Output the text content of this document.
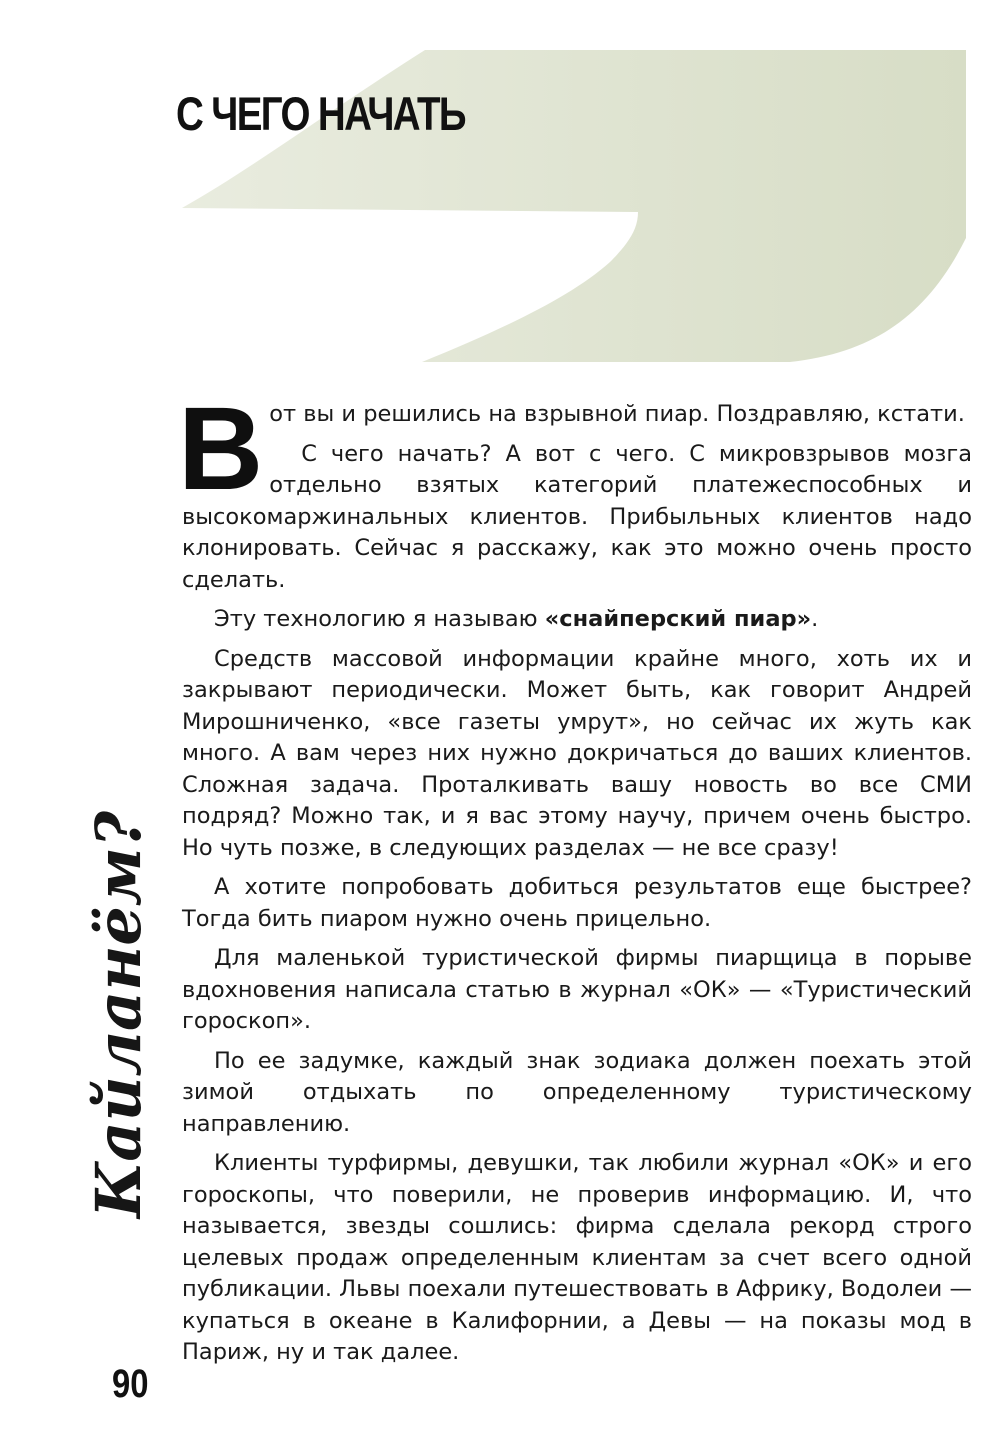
С ЧЕГО НАЧАТЬ
Кайланём?

В от вы и решились на взрывной пиар. Поздравляю, кстати.

С чего начать? А вот с чего. С микровзрывов мозга отдельно взятых категорий платежеспособных и высокомаржинальных клиентов. Прибыльных клиентов надо клонировать. Сейчас я расскажу, как это можно очень просто сделать.

Эту технологию я называю «снайперский пиар».

Средств массовой информации крайне много, хоть их и закрывают периодически. Может быть, как говорит Андрей Мирошниченко, «все газеты умрут», но сейчас их жуть как много. А вам через них нужно докричаться до ваших клиентов. Сложная задача. Проталкивать вашу новость во все СМИ подряд? Можно так, и я вас этому научу, причем очень быстро. Но чуть позже, в следующих разделах — не все сразу!

А хотите попробовать добиться результатов еще быстрее? Тогда бить пиаром нужно очень прицельно.

Для маленькой туристической фирмы пиарщица в порыве вдохновения написала статью в журнал «ОК» — «Туристический гороскоп».

По ее задумке, каждый знак зодиака должен поехать этой зимой отдыхать по определенному туристическому направлению.

Клиенты турфирмы, девушки, так любили журнал «ОК» и его гороскопы, что поверили, не проверив информацию. И, что называется, звезды сошлись: фирма сделала рекорд строго целевых продаж определенным клиентам за счет всего одной публикации. Львы поехали путешествовать в Африку, Водолеи — купаться в океане в Калифорнии, а Девы — на показы мод в Париж, ну и так далее.

90
